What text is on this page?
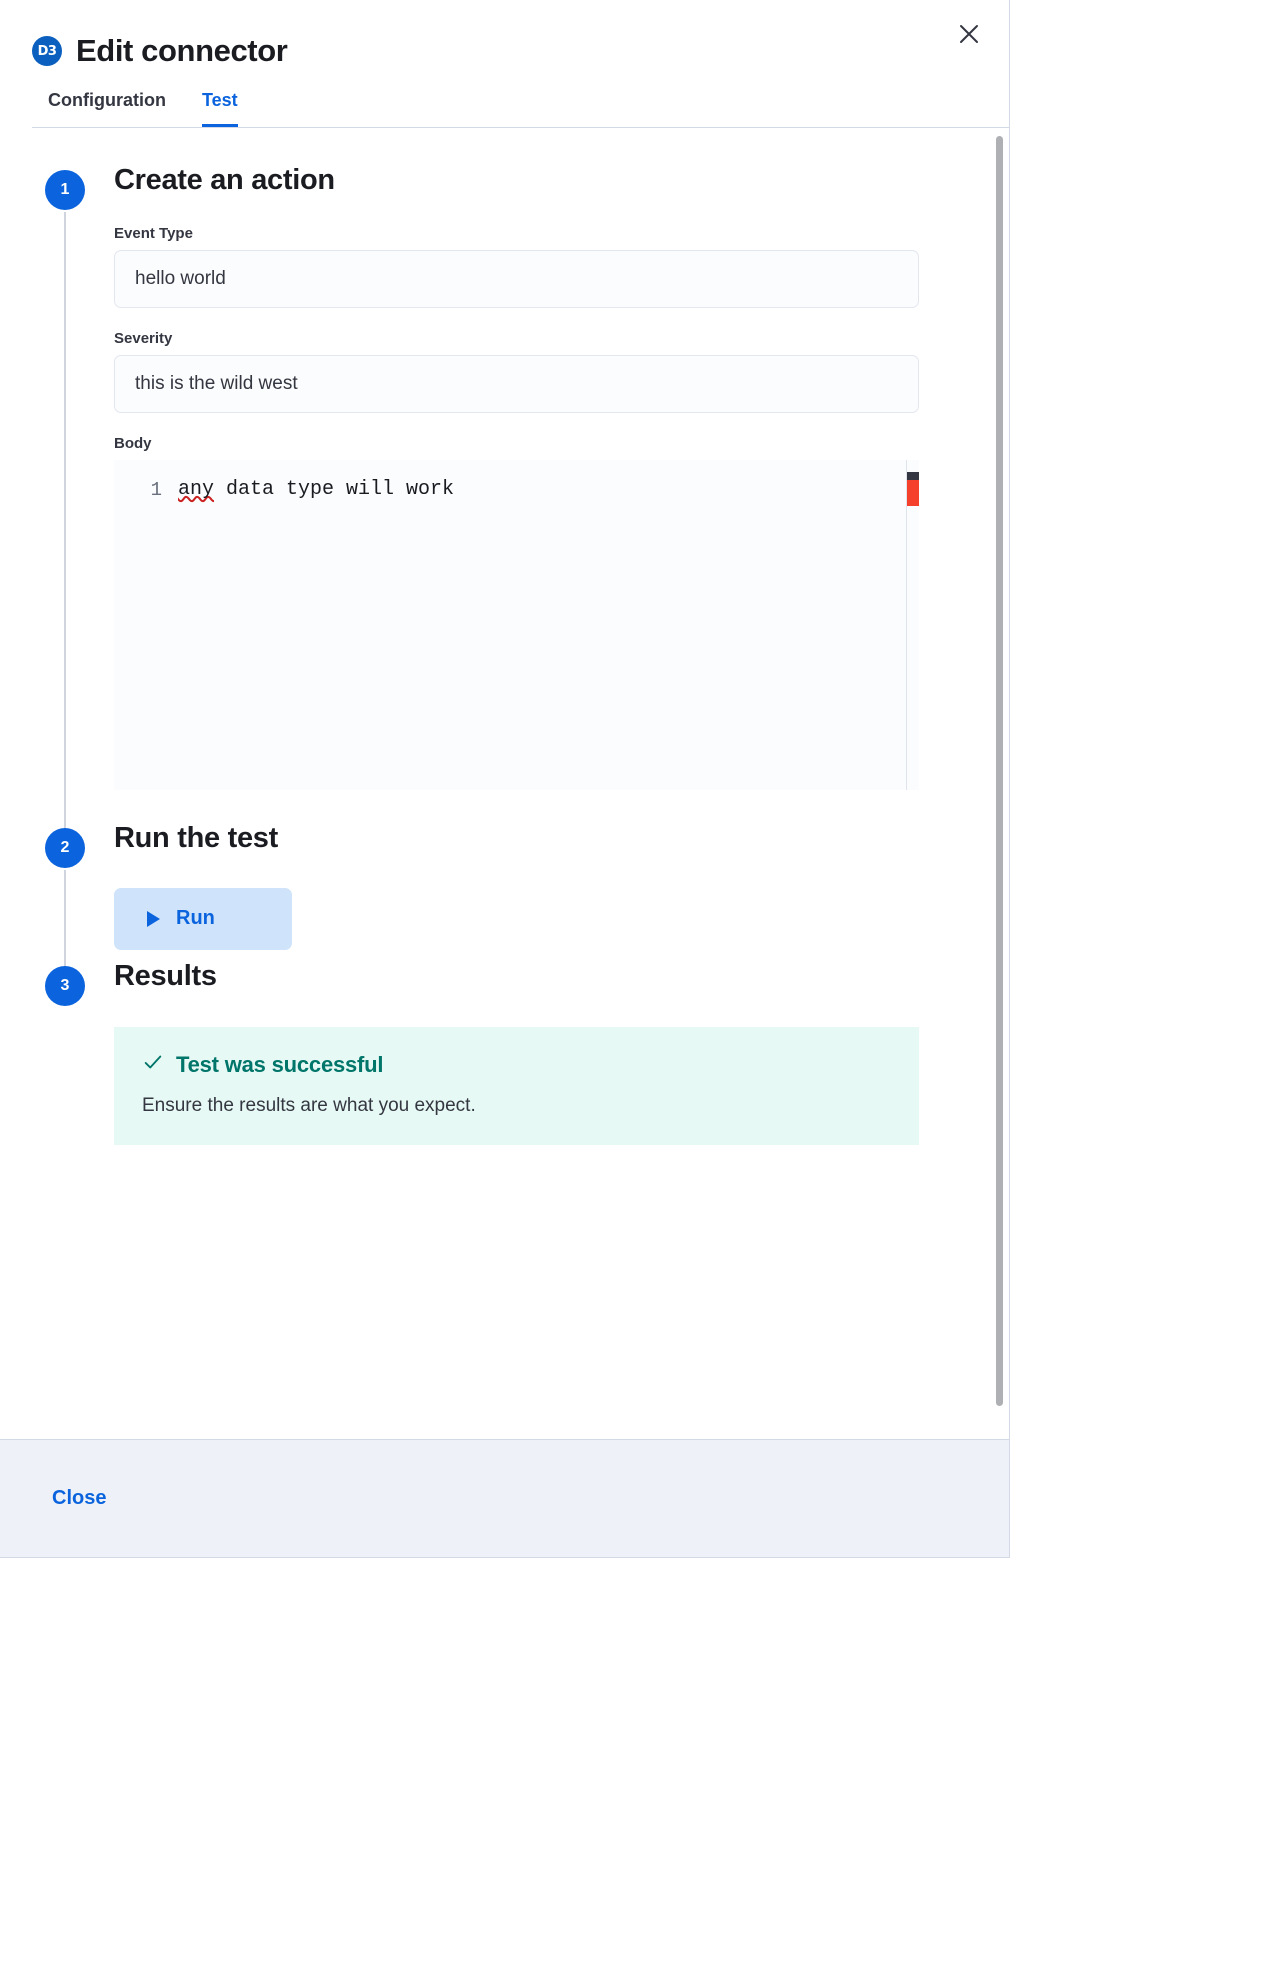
D3 Edit connector
Configuration Test
1	Create an action
Event Type
hello world
Severity
this is the wild west
Body
1 any data type will work
2	Run the test
Run
3	Results
Test was successful
Ensure the results are what you expect.
Close
